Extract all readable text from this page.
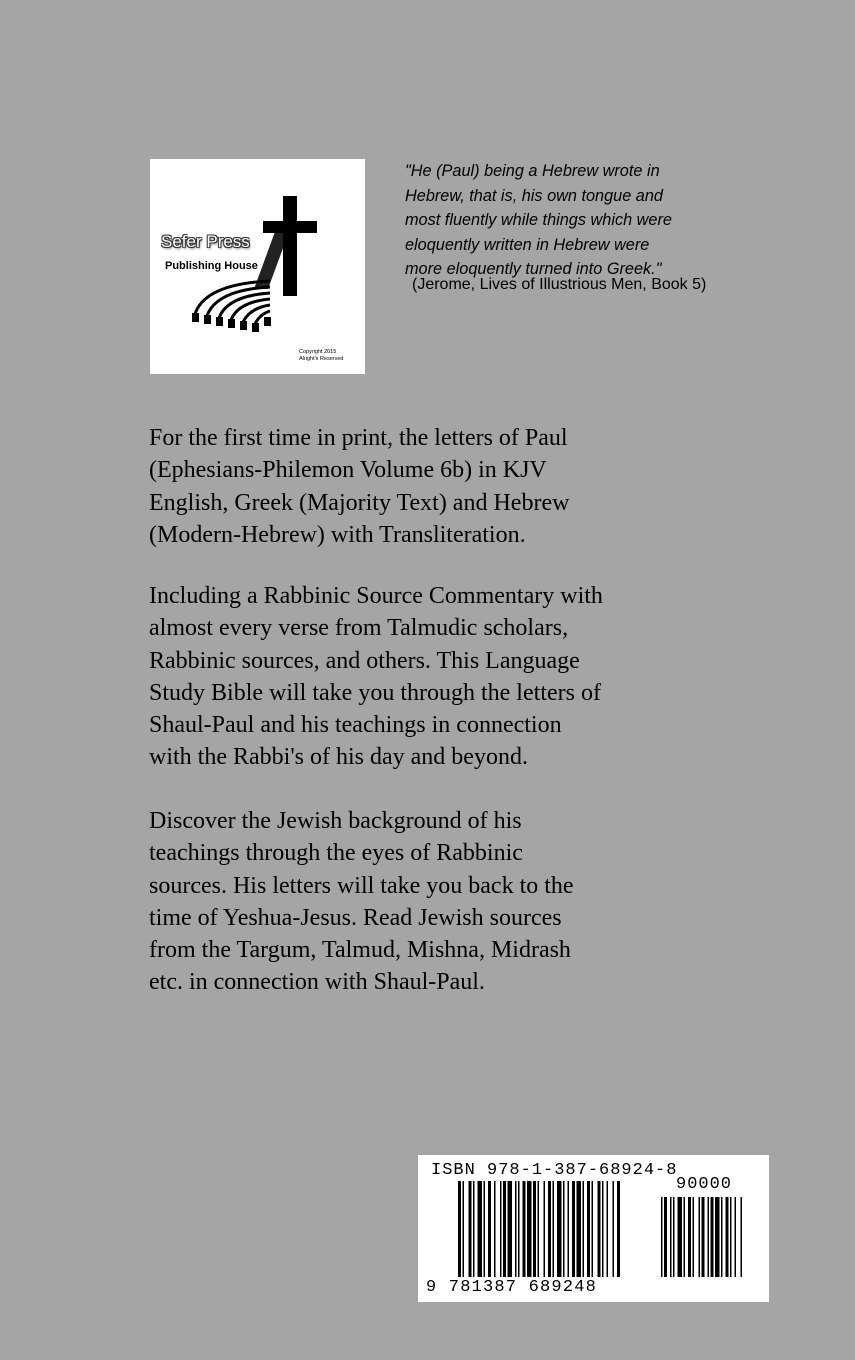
Sefer Press
Publishing House
Copyright 2015
Alright's Reserved
"He (Paul) being a Hebrew wrote in
Hebrew, that is, his own tongue and
most fluently while things which were
eloquently written in Hebrew were
more eloquently turned into Greek."
(Jerome, Lives of Illustrious Men, Book 5)
For the first time in print, the letters of Paul
(Ephesians-Philemon Volume 6b) in KJV
English, Greek (Majority Text) and Hebrew
(Modern-Hebrew) with Transliteration.
Including a Rabbinic Source Commentary with
almost every verse from Talmudic scholars,
Rabbinic sources, and others. This Language
Study Bible will take you through the letters of
Shaul-Paul and his teachings in connection
with the Rabbi's of his day and beyond.
Discover the Jewish background of his
teachings through the eyes of Rabbinic
sources. His letters will take you back to the
time of Yeshua-Jesus. Read Jewish sources
from the Targum, Talmud, Mishna, Midrash
etc. in connection with Shaul-Paul.
ISBN 978-1-387-68924-8
90000
9 781387 689248
